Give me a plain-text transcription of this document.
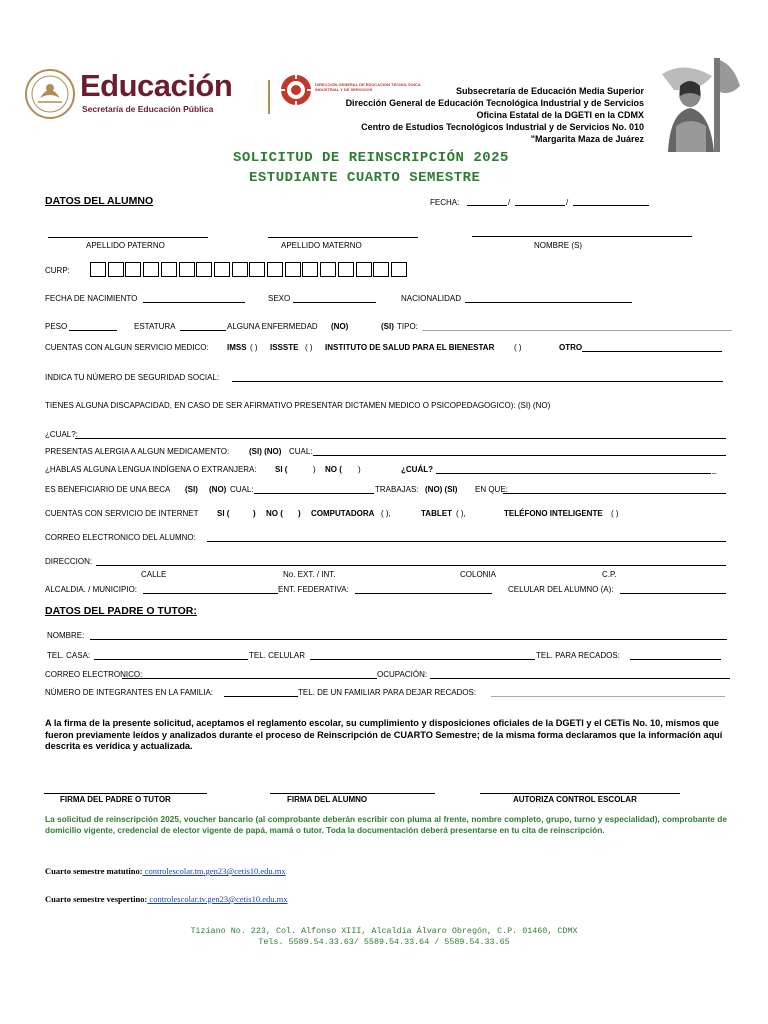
Educación
Secretaría de Educación Pública
DIRECCIÓN GENERAL DE EDUCACIÓN TECNOLÓGICA INDUSTRIAL Y DE SERVICIOS	Subsecretaría de Educación Media Superior
Dirección General de Educación Tecnológica Industrial y de Servicios
Oficina Estatal de la DGETI en la CDMX
Centro de Estudios Tecnológicos Industrial y de Servicios No. 010
"Margarita Maza de Juárez
SOLICITUD DE REINSCRIPCIÓN 2025
ESTUDIANTE CUARTO SEMESTRE
DATOS DEL ALUMNO	FECHA:	/	/
APELLIDO PATERNO	APELLIDO MATERNO	NOMBRE (S)
CURP:
FECHA DE NACIMIENTO	SEXO	NACIONALIDAD
PESO	ESTATURA	ALGUNA ENFERMEDAD (NO)	(SI) TIPO:
CUENTAS CON ALGUN SERVICIO MEDICO: IMSS ( ) ISSSTE ( ) INSTITUTO DE SALUD PARA EL BIENESTAR ( )	OTRO
INDICA TU NÚMERO DE SEGURIDAD SOCIAL:
TIENES ALGUNA DISCAPACIDAD, EN CASO DE SER AFIRMATIVO PRESENTAR DICTAMEN MEDICO O PSICOPEDAGOGICO): (SI) (NO)
¿CUAL?:
PRESENTAS ALERGIA A ALGUN MEDICAMENTO: (SI) (NO) CUAL:
¿HABLAS ALGUNA LENGUA INDÍGENA O EXTRANJERA: SI (	) NO ( )	¿CUÁL?	_
ES BENEFICIARIO DE UNA BECA (SI) (NO) CUAL:	TRABAJAS: (NO) (SI) EN QUE:
CUENTAS CON SERVICIO DE INTERNET SI (	) NO ( ) COMPUTADORA ( ),	TABLET ( ),	TELÉFONO INTELIGENTE ( )
CORREO ELECTRONICO DEL ALUMNO:
DIRECCION:
CALLE	No. EXT. / INT.	COLONIA	C.P.
ALCALDIA. / MUNICIPIO:	ENT. FEDERATIVA:	CELULAR DEL ALUMNO (A):
DATOS DEL PADRE O TUTOR:
NOMBRE:
TEL. CASA:	TEL. CELULAR	TEL. PARA RECADOS:
CORREO ELECTRONICO:	OCUPACIÓN:	_
NÚMERO DE INTEGRANTES EN LA FAMILIA:	TEL. DE UN FAMILIAR PARA DEJAR RECADOS:
A la firma de la presente solicitud, aceptamos el reglamento escolar, su cumplimiento y disposiciones oficiales de la DGETI y el CETis No. 10, mismos que fueron previamente leídos y analizados durante el proceso de Reinscripción de CUARTO Semestre; de la misma forma declaramos que la información aquí descrita es verídica y actualizada.
FIRMA DEL PADRE O TUTOR	FIRMA DEL ALUMNO	AUTORIZA CONTROL ESCOLAR
La solicitud de reinscripción 2025, voucher bancario (al comprobante deberán escribir con pluma al frente, nombre completo, grupo, turno y especialidad), comprobante de domicilio vigente, credencial de elector vigente de papá, mamá o tutor. Toda la documentación deberá presentarse en tu cita de reinscripción.
Cuarto semestre matutino: controlescolar.tm.gen23@cetis10.edu.mx
Cuarto semestre vespertino: controlescolar.tv.gen23@cetis10.edu.mx
Tiziano No. 223, Col. Alfonso XIII, Alcaldía Álvaro Obregón, C.P. 01460, CDMX
Tels. 5589.54.33.63/ 5589.54.33.64 / 5589.54.33.65
